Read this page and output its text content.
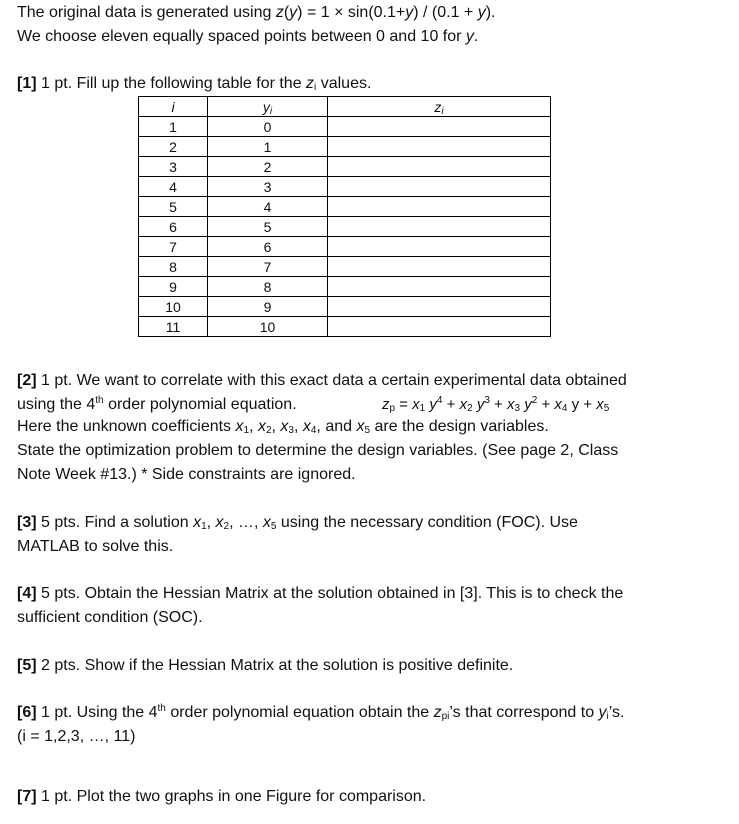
The original data is generated using z(y) = 1 × sin(0.1+y) / (0.1 + y).
We choose eleven equally spaced points between 0 and 10 for y.
[1] 1 pt. Fill up the following table for the $z_i$ values.
i	$y_i$	$z_i$
1	0	
2	1	
3	2	
4	3	
5	4	
6	5	
7	6	
8	7	
9	8	
10	9	
11	10	
[2] 1 pt. We want to correlate with this exact data a certain experimental data obtained
using the 4th order polynomial equation.	$z_p = x_1$ $y^4 + x_2$ $y^3 + x_3$ $y^2 + x_4$ $y + x_5$
Here the unknown coefficients $x_1$, $x_2$, $x_3$, $x_4$, and $x_5$ are the design variables.
State the optimization problem to determine the design variables. (See page 2, Class
Note Week #13.) * Side constraints are ignored.
[3] 5 pts. Find a solution $x_1$, $x_2$, …, $x_5$ using the necessary condition (FOC). Use
MATLAB to solve this.
[4] 5 pts. Obtain the Hessian Matrix at the solution obtained in [3]. This is to check the
sufficient condition (SOC).
[5] 2 pts. Show if the Hessian Matrix at the solution is positive definite.
[6] 1 pt. Using the 4th order polynomial equation obtain the $z_{pi}’s$ that correspond to $y_i’s$.
(i = 1,2,3, …, 11)
[7] 1 pt. Plot the two graphs in one Figure for comparison.
